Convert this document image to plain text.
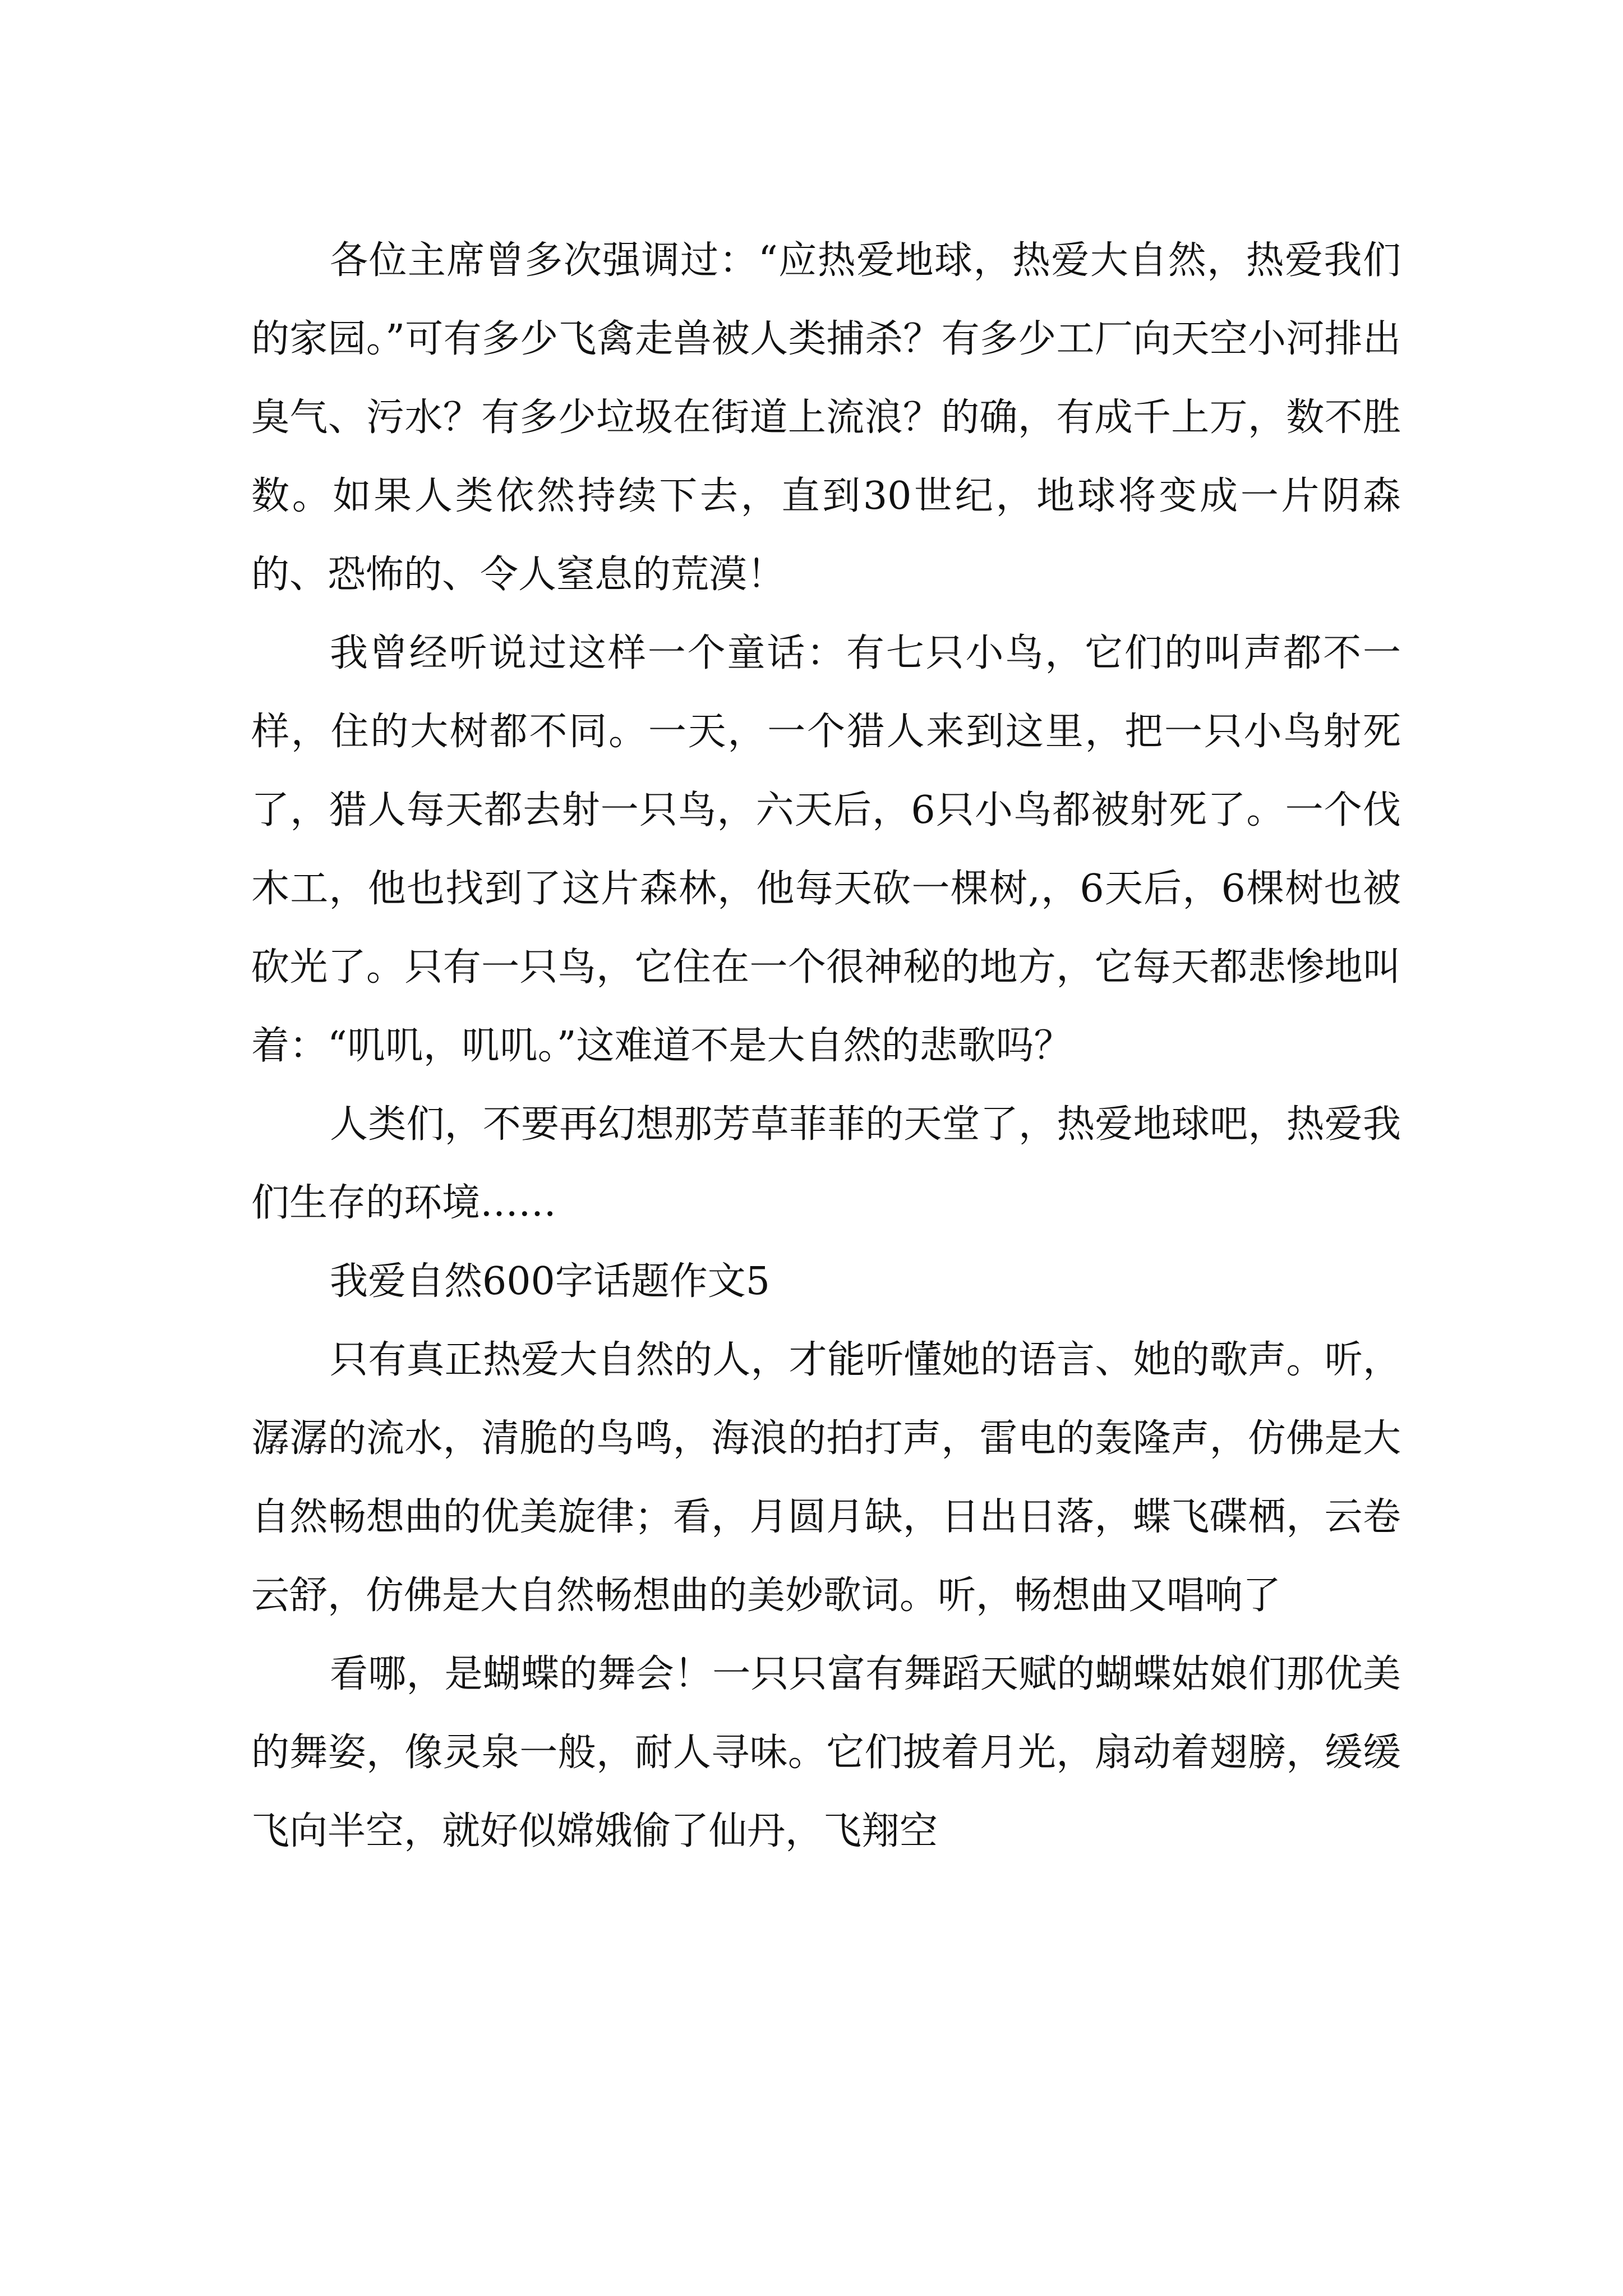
各位主席曾多次强调过：“应热爱地球，热爱大自然，热爱我们的家园。”可有多少飞禽走兽被人类捕杀？有多少工厂向天空小河排出臭气、污水？有多少垃圾在街道上流浪？的确，有成千上万，数不胜数。如果人类依然持续下去，直到30世纪，地球将变成一片阴森的、恐怖的、令人窒息的荒漠！

我曾经听说过这样一个童话：有七只小鸟，它们的叫声都不一样，住的大树都不同。一天，一个猎人来到这里，把一只小鸟射死了，猎人每天都去射一只鸟，六天后，6只小鸟都被射死了。一个伐木工，他也找到了这片森林，他每天砍一棵树,，6天后，6棵树也被砍光了。只有一只鸟，它住在一个很神秘的地方，它每天都悲惨地叫着：“叽叽，叽叽。”这难道不是大自然的悲歌吗？

人类们，不要再幻想那芳草菲菲的天堂了，热爱地球吧，热爱我们生存的环境……

我爱自然600字话题作文5

只有真正热爱大自然的人，才能听懂她的语言、她的歌声。听，潺潺的流水，清脆的鸟鸣，海浪的拍打声，雷电的轰隆声，仿佛是大自然畅想曲的优美旋律；看，月圆月缺，日出日落，蝶飞碟栖，云卷云舒，仿佛是大自然畅想曲的美妙歌词。听，畅想曲又唱响了

看哪，是蝴蝶的舞会！一只只富有舞蹈天赋的蝴蝶姑娘们那优美的舞姿，像灵泉一般，耐人寻味。它们披着月光，扇动着翅膀，缓缓飞向半空，就好似嫦娥偷了仙丹，飞翔空
